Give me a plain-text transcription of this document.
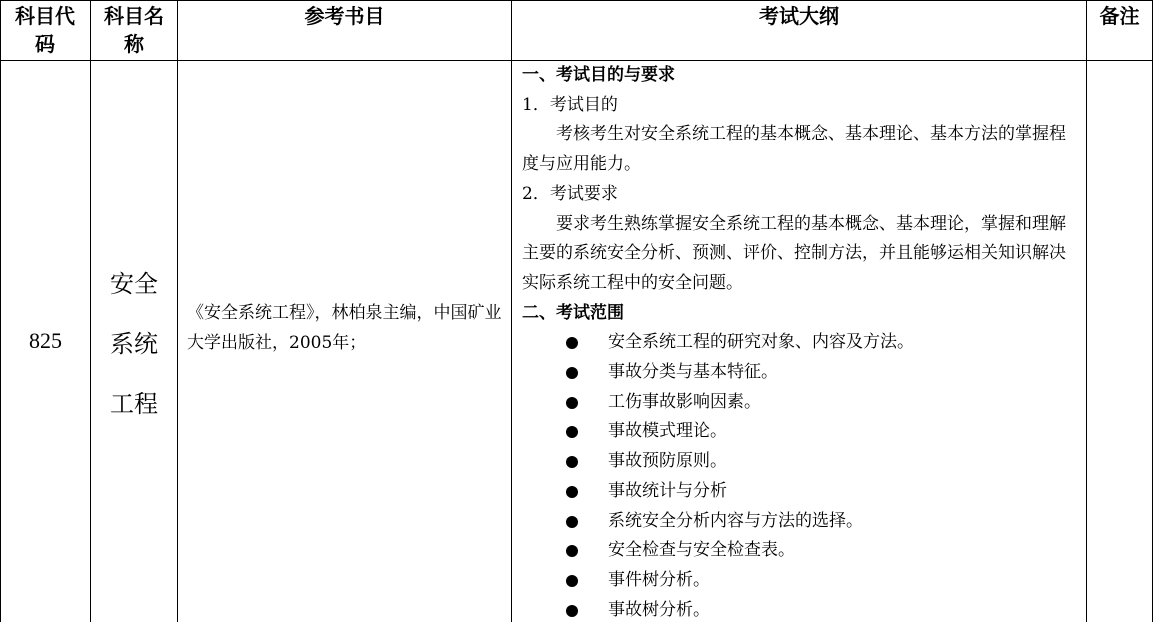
科目代码
科目名称
参考书目	考试大纲	备注
825
安全
系统
工程
《安全系统工程》，林柏泉主编，中国矿业大学出版社，2005年；
一、考试目的与要求
1．考试目的
考核考生对安全系统工程的基本概念、基本理论、基本方法的掌握程度与应用能力。
2．考试要求
要求考生熟练掌握安全系统工程的基本概念、基本理论，掌握和理解主要的系统安全分析、预测、评价、控制方法，并且能够运相关知识解决实际系统工程中的安全问题。
二、考试范围
安全系统工程的研究对象、内容及方法。
事故分类与基本特征。
工伤事故影响因素。
事故模式理论。
事故预防原则。
事故统计与分析
系统安全分析内容与方法的选择。
安全检查与安全检查表。
事件树分析。
事故树分析。
